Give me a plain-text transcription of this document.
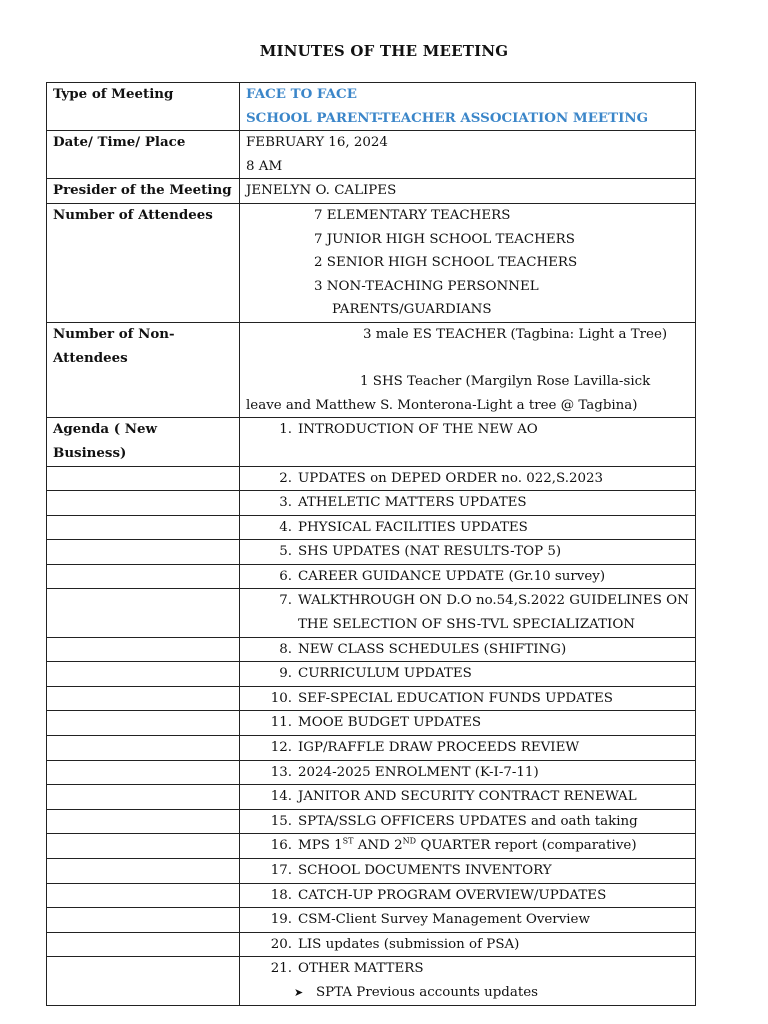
MINUTES OF THE MEETING
Type of Meeting	FACE TO FACE
SCHOOL PARENT-TEACHER ASSOCIATION MEETING

Date/ Time/ Place	FEBRUARY 16, 2024
8 AM

Presider of the Meeting	JENELYN O. CALIPES
Number of Attendees	7 ELEMENTARY TEACHERS
7 JUNIOR HIGH SCHOOL TEACHERS
2 SENIOR HIGH SCHOOL TEACHERS
3 NON-TEACHING PERSONNEL
PARENTS/GUARDIANS

Number of Non-Attendees	3 male ES TEACHER (Tagbina: Light a Tree)
1 SHS Teacher (Margilyn Rose Lavilla-sick
leave and Matthew S. Monterona-Light a tree @ Tagbina)

Agenda ( New Business)	1. INTRODUCTION OF THE NEW AO

	2. UPDATES on DEPED ORDER no. 022,S.2023

	3. ATHELETIC MATTERS UPDATES

	4. PHYSICAL FACILITIES UPDATES

	5. SHS UPDATES (NAT RESULTS-TOP 5)

	6. CAREER GUIDANCE UPDATE (Gr.10 survey)

	7. WALKTHROUGH ON D.O no.54,S.2022 GUIDELINES ON THE SELECTION OF SHS-TVL SPECIALIZATION

	8. NEW CLASS SCHEDULES (SHIFTING)

	9. CURRICULUM UPDATES

	10. SEF-SPECIAL EDUCATION FUNDS UPDATES

	11. MOOE BUDGET UPDATES

	12. IGP/RAFFLE DRAW PROCEEDS REVIEW

	13. 2024-2025 ENROLMENT (K-I-7-11)

	14. JANITOR AND SECURITY CONTRACT RENEWAL

	15. SPTA/SSLG OFFICERS UPDATES and oath taking

	16. MPS 1ST AND 2ND QUARTER report (comparative)

	17. SCHOOL DOCUMENTS INVENTORY

	18. CATCH-UP PROGRAM OVERVIEW/UPDATES

	19. CSM-Client Survey Management Overview

	20. LIS updates (submission of PSA)

	21. OTHER MATTERS
➤ SPTA Previous accounts updates
